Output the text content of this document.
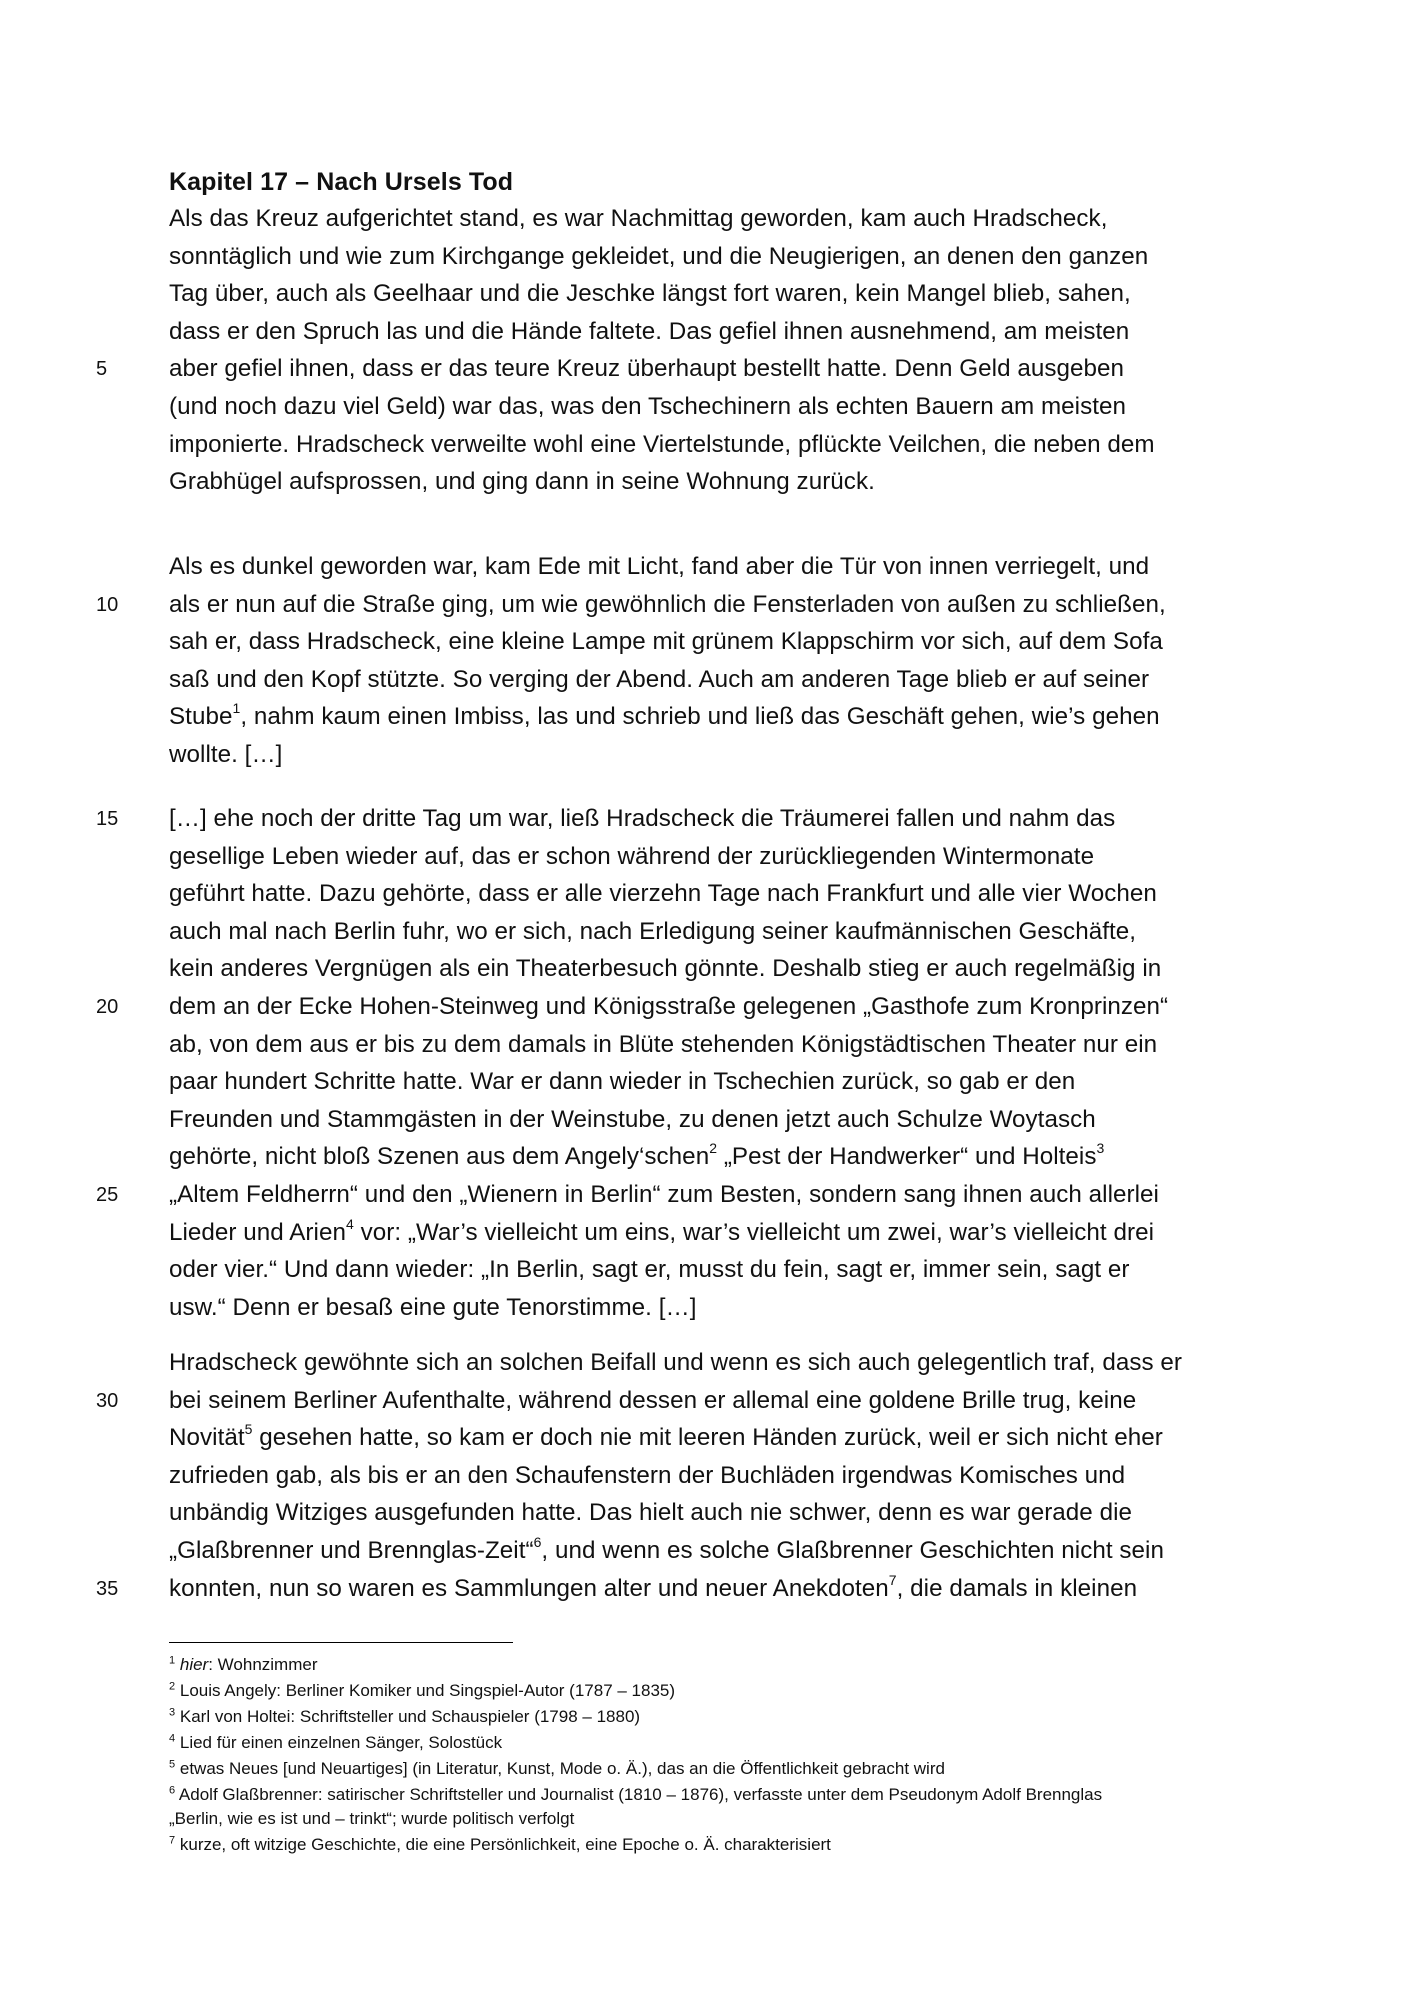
Kapitel 17 – Nach Ursels Tod
Als das Kreuz aufgerichtet stand, es war Nachmittag geworden, kam auch Hradscheck,
sonntäglich und wie zum Kirchgange gekleidet, und die Neugierigen, an denen den ganzen
Tag über, auch als Geelhaar und die Jeschke längst fort waren, kein Mangel blieb, sahen,
dass er den Spruch las und die Hände faltete. Das gefiel ihnen ausnehmend, am meisten
aber gefiel ihnen, dass er das teure Kreuz überhaupt bestellt hatte. Denn Geld ausgeben
5
(und noch dazu viel Geld) war das, was den Tschechinern als echten Bauern am meisten
imponierte. Hradscheck verweilte wohl eine Viertelstunde, pflückte Veilchen, die neben dem
Grabhügel aufsprossen, und ging dann in seine Wohnung zurück.
Als es dunkel geworden war, kam Ede mit Licht, fand aber die Tür von innen verriegelt, und
als er nun auf die Straße ging, um wie gewöhnlich die Fensterladen von außen zu schließen,
10
sah er, dass Hradscheck, eine kleine Lampe mit grünem Klappschirm vor sich, auf dem Sofa
saß und den Kopf stützte. So verging der Abend. Auch am anderen Tage blieb er auf seiner
Stube$^1$, nahm kaum einen Imbiss, las und schrieb und ließ das Geschäft gehen, wie’s gehen
wollte. […]
[…] ehe noch der dritte Tag um war, ließ Hradscheck die Träumerei fallen und nahm das
15
gesellige Leben wieder auf, das er schon während der zurückliegenden Wintermonate
geführt hatte. Dazu gehörte, dass er alle vierzehn Tage nach Frankfurt und alle vier Wochen
auch mal nach Berlin fuhr, wo er sich, nach Erledigung seiner kaufmännischen Geschäfte,
kein anderes Vergnügen als ein Theaterbesuch gönnte. Deshalb stieg er auch regelmäßig in
dem an der Ecke Hohen-Steinweg und Königsstraße gelegenen „Gasthofe zum Kronprinzen“
20
ab, von dem aus er bis zu dem damals in Blüte stehenden Königstädtischen Theater nur ein
paar hundert Schritte hatte. War er dann wieder in Tschechien zurück, so gab er den
Freunden und Stammgästen in der Weinstube, zu denen jetzt auch Schulze Woytasch
gehörte, nicht bloß Szenen aus dem Angely‘schen$^2$ „Pest der Handwerker“ und Holteis$^3$
„Altem Feldherrn“ und den „Wienern in Berlin“ zum Besten, sondern sang ihnen auch allerlei
25
Lieder und Arien$^4$ vor: „War’s vielleicht um eins, war’s vielleicht um zwei, war’s vielleicht drei
oder vier.“ Und dann wieder: „In Berlin, sagt er, musst du fein, sagt er, immer sein, sagt er
usw.“ Denn er besaß eine gute Tenorstimme. […]
Hradscheck gewöhnte sich an solchen Beifall und wenn es sich auch gelegentlich traf, dass er
bei seinem Berliner Aufenthalte, während dessen er allemal eine goldene Brille trug, keine
30
Novität$^5$ gesehen hatte, so kam er doch nie mit leeren Händen zurück, weil er sich nicht eher
zufrieden gab, als bis er an den Schaufenstern der Buchläden irgendwas Komisches und
unbändig Witziges ausgefunden hatte. Das hielt auch nie schwer, denn es war gerade die
„Glaßbrenner und Brennglas-Zeit“$^6$, und wenn es solche Glaßbrenner Geschichten nicht sein
konnten, nun so waren es Sammlungen alter und neuer Anekdoten$^7$, die damals in kleinen
35
$^1$ hier: Wohnzimmer
$^2$ Louis Angely: Berliner Komiker und Singspiel-Autor (1787 – 1835)
$^3$ Karl von Holtei: Schriftsteller und Schauspieler (1798 – 1880)
$^4$ Lied für einen einzelnen Sänger, Solostück
$^5$ etwas Neues [und Neuartiges] (in Literatur, Kunst, Mode o. Ä.), das an die Öffentlichkeit gebracht wird
$^6$ Adolf Glaßbrenner: satirischer Schriftsteller und Journalist (1810 – 1876), verfasste unter dem Pseudonym Adolf Brennglas
„Berlin, wie es ist und – trinkt“; wurde politisch verfolgt
$^7$ kurze, oft witzige Geschichte, die eine Persönlichkeit, eine Epoche o. Ä. charakterisiert
